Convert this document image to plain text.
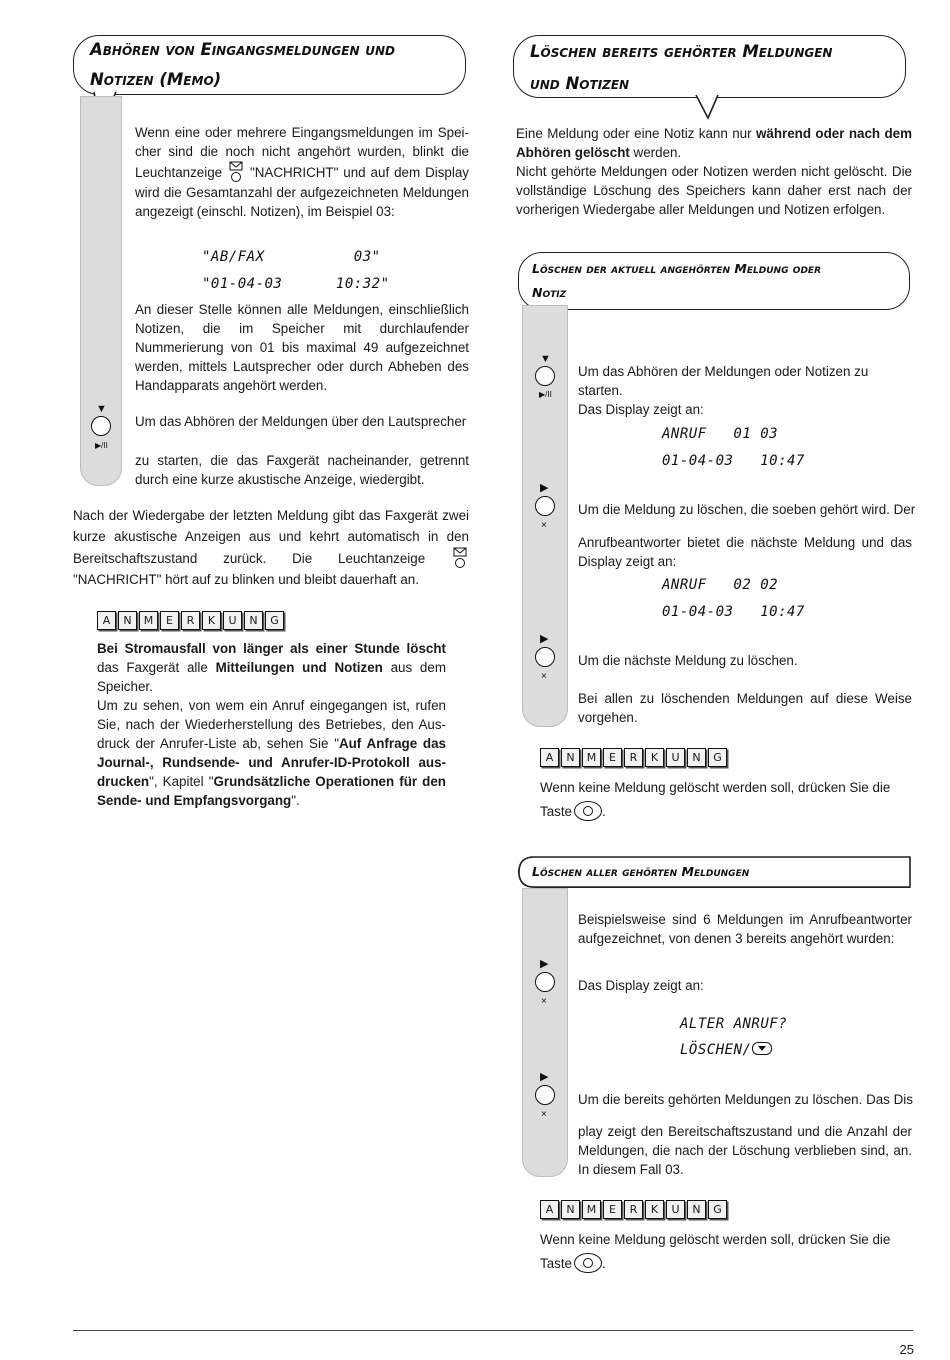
Abhören von Eingangsmeldungen und

Notizen (Memo)

Wenn eine oder mehrere Eingangsmeldungen im Speicher sind die noch nicht angehört wurden, blinkt die Leuchtanzeige "NACHRICHT" und auf dem Display wird die Gesamtanzahl der aufgezeichneten Meldungen angezeigt (einschl. Notizen), im Beispiel 03:

"AB/FAX          03"

"01-04-03      10:32"

An dieser Stelle können alle Meldungen, einschließlich Notizen, die im Speicher mit durchlaufender Nummerierung von 01 bis maximal 49 aufgezeichnet werden, mittels Lautsprecher oder durch Abheben des Handapparats angehört werden.

▼
▶/II

Um das Abhören der Meldungen über den Lautsprecher

zu starten, die das Faxgerät nacheinander, getrennt durch eine kurze akustische Anzeige, wiedergibt.

Nach der Wiedergabe der letzten Meldung gibt das Faxgerät zwei kurze akustische Anzeigen aus und kehrt automatisch in den Bereitschaftszustand zurück. Die Leuchtanzeige  "NACHRICHT" hört auf zu blinken und bleibt dauerhaft an.

A	N	M	E	R	K	U	N	G

Bei Stromausfall von länger als einer Stunde löscht das Faxgerät alle Mitteilungen und Notizen aus dem Speicher.
Um zu sehen, von wem ein Anruf eingegangen ist, rufen Sie, nach der Wiederherstellung des Betriebes, den Ausdruck der Anrufer-Liste ab, sehen Sie "Auf Anfrage das Journal-, Rundsende- und Anrufer-ID-Protokoll ausdrucken", Kapitel "Grundsätzliche Operationen für den Sende- und Empfangsvorgang".

Löschen bereits gehörter Meldungen

und Notizen

Eine Meldung oder eine Notiz kann nur während oder nach dem Abhören gelöscht werden.
Nicht gehörte Meldungen oder Notizen werden nicht gelöscht. Die vollständige Löschung des Speichers kann daher erst nach der vorherigen Wiedergabe aller Meldungen und Notizen erfolgen.

Löschen der aktuell angehörten Meldung oder

Notiz

▼
▶/II

Um das Abhören der Meldungen oder Notizen zu starten.

Das Display zeigt an:

ANRUF   01 03

01-04-03   10:47

▶
×

Um die Meldung zu löschen, die soeben gehört wird. Der

Anrufbeantworter bietet die nächste Meldung und das Display zeigt an:

ANRUF   02 02

01-04-03   10:47

▶
×

Um die nächste Meldung zu löschen.

Bei allen zu löschenden Meldungen auf diese Weise vorgehen.

A	N	M	E	R	K	U	N	G

Wenn keine Meldung gelöscht werden soll, drücken Sie die
Taste .

Löschen aller gehörten Meldungen

Beispielsweise sind 6 Meldungen im Anrufbeantworter aufgezeichnet, von denen 3 bereits angehört wurden:

▶
×

Das Display zeigt an:

ALTER ANRUF?

LÖSCHEN/

▶
×

Um die bereits gehörten Meldungen zu löschen. Das Dis

play zeigt den Bereitschaftszustand und die Anzahl der Meldungen, die nach der Löschung verblieben sind, an. In diesem Fall 03.

A	N	M	E	R	K	U	N	G

Wenn keine Meldung gelöscht werden soll, drücken Sie die
Taste .

25
